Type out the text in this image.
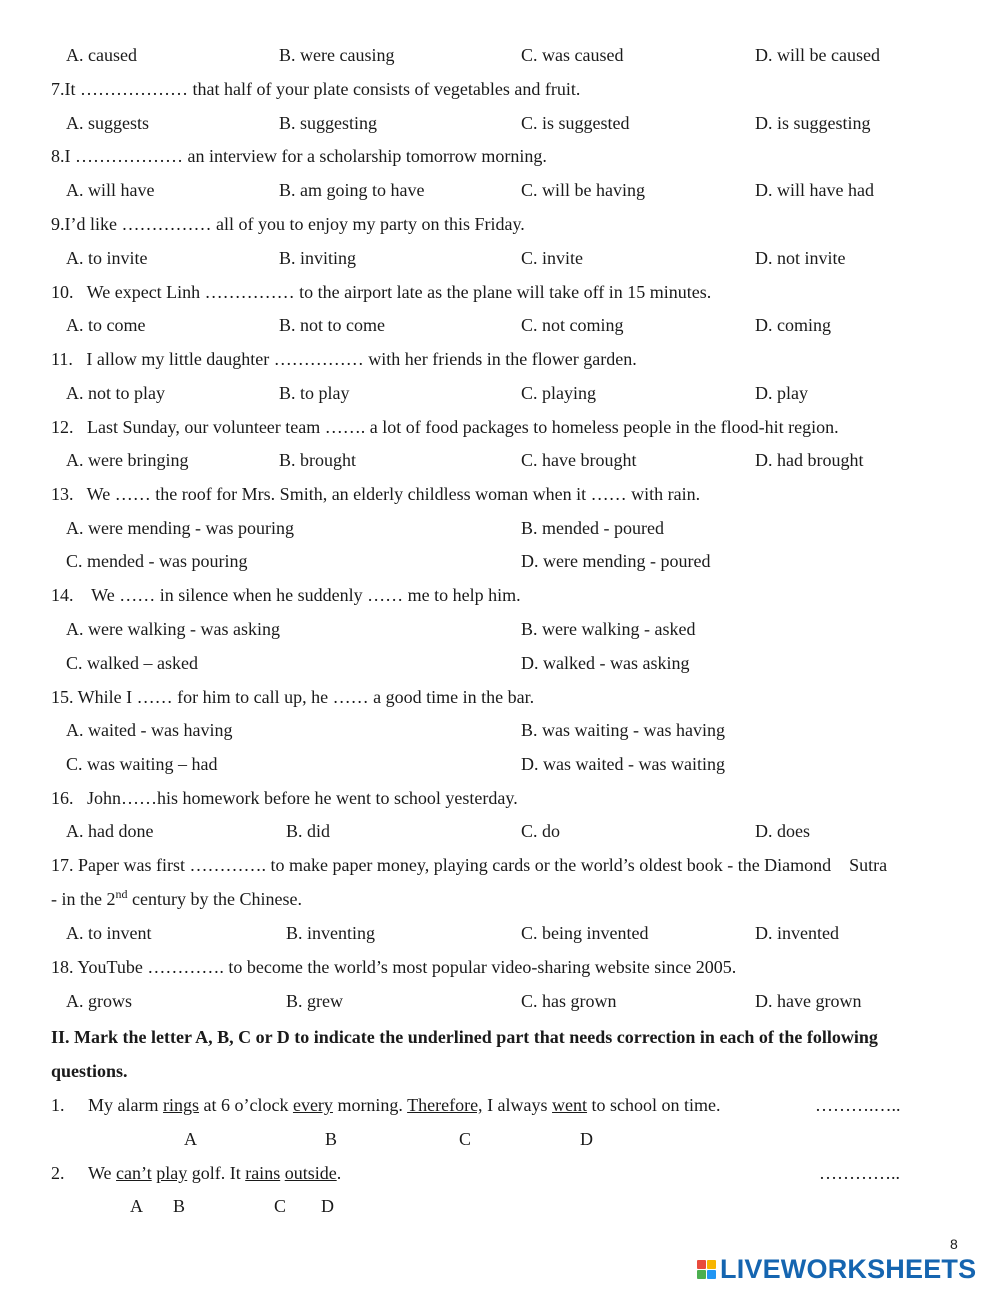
A. caused	B. were causing	C. was caused	D. will be caused
7.It ……………… that half of your plate consists of vegetables and fruit.
A. suggests	B. suggesting	C. is suggested	D. is suggesting
8.I ……………… an interview for a scholarship tomorrow morning.
A. will have	B. am going to have	C. will be having	D. will have had
9.I’d like …………… all of you to enjoy my party on this Friday.
A. to invite	B. inviting	C. invite	D. not invite
10.   We expect Linh …………… to the airport late as the plane will take off in 15 minutes.
A. to come	B. not to come	C. not coming	D. coming
11.   I allow my little daughter …………… with her friends in the flower garden.
A. not to play	B. to play	C. playing	D. play
12.   Last Sunday, our volunteer team ……. a lot of food packages to homeless people in the flood-hit region.
A. were bringing	B. brought	C. have brought	D. had brought
13.   We …… the roof for Mrs. Smith, an elderly childless woman when it …… with rain.
A. were mending - was pouring	B. mended - poured
C. mended - was pouring	D. were mending - poured
14.    We …… in silence when he suddenly …… me to help him.
A. were walking - was asking	B. were walking - asked
C. walked – asked	D. walked - was asking
15. While I …… for him to call up, he …… a good time in the bar.
A. waited - was having	B. was waiting - was having
C. was waiting – had	D. was waited - was waiting
16.   John……his homework before he went to school yesterday.
A. had done	B. did	C. do	D. does
17. Paper was first …………. to make paper money, playing cards or the world’s oldest book - the Diamond    Sutra
- in the 2nd century by the Chinese.
A. to invent	B. inventing	C. being invented	D. invented
18. YouTube …………. to become the world’s most popular video-sharing website since 2005.
A. grows	B. grew	C. has grown	D. have grown
II. Mark the letter A, B, C or D to indicate the underlined part that needs correction in each of the following
questions.
1. My alarm rings at 6 o’clock every morning. Therefore, I always went to school on time.	……….…..
A	B	C	D
2. We can’t play golf. It rains outside.	…………..
A B	C D
8
LIVEWORKSHEETS
